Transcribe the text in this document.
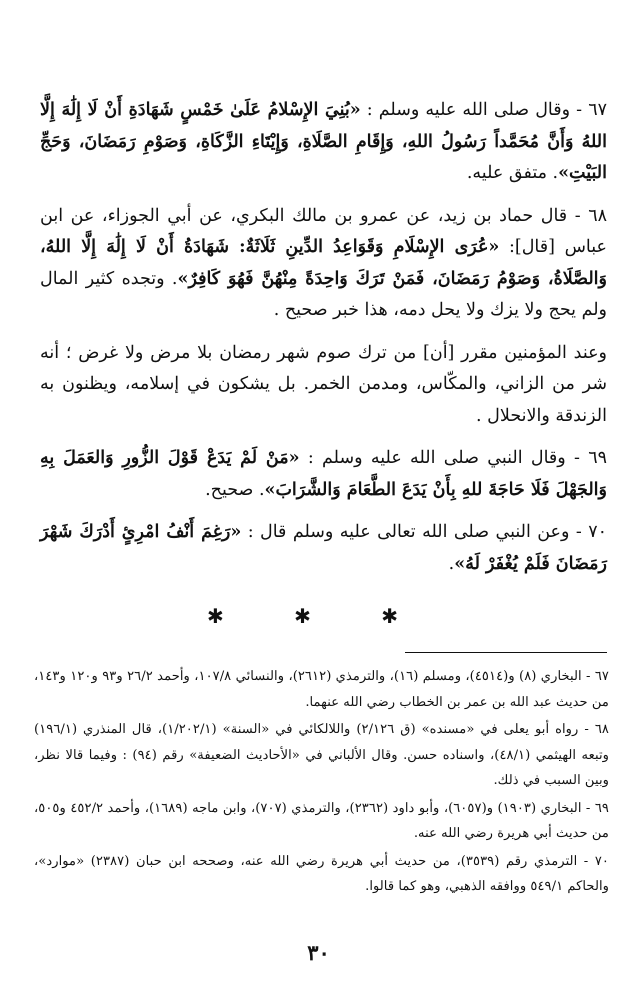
٦٧ - وقال صلى الله عليه وسلم : «بُنِيَ الإِسْلامُ عَلَىٰ خَمْسٍ شَهَادَةِ أَنْ لَا إِلَٰهَ إِلَّا اللهُ وَأَنَّ مُحَمَّداً رَسُولُ اللهِ، وَإِقَامِ الصَّلَاةِ، وَإِيْتَاءِ الزَّكَاةِ، وَصَوْمِ رَمَضَانَ، وَحَجِّ البَيْتِ». متفق عليه.

٦٨ - قال حماد بن زيد، عن عمرو بن مالك البكري، عن أبي الجوزاء، عن ابن عباس [قال]: «عُرَى الإِسْلَامِ وَقَوَاعِدُ الدِّينِ ثَلَاثَةٌ: شَهَادَةُ أَنْ لَا إِلَٰهَ إِلَّا اللهُ، وَالصَّلَاةُ، وَصَوْمُ رَمَضَانَ، فَمَنْ تَرَكَ وَاحِدَةً مِنْهُنَّ فَهُوَ كَافِرٌ». وتجده كثير المال ولم يحج ولا يزك ولا يحل دمه، هذا خبر صحيح .

وعند المؤمنين مقرر [أن] من ترك صوم شهر رمضان بلا مرض ولا غرض ؛ أنه شر من الزاني، والمكّاس، ومدمن الخمر. بل يشكون في إسلامه، ويظنون به الزندقة والانحلال .

٦٩ - وقال النبي صلى الله عليه وسلم : «مَنْ لَمْ يَدَعْ قَوْلَ الزُّورِ وَالعَمَلَ بِهِ وَالجَهْلَ فَلَا حَاجَةَ للهِ بِأَنْ يَدَعَ الطَّعَامَ وَالشَّرَابَ». صحيح.

٧٠ - وعن النبي صلى الله تعالى عليه وسلم قال : «رَغِمَ أَنْفُ امْرِئٍ أَدْرَكَ شَهْرَ رَمَضَانَ فَلَمْ يُغْفَرْ لَهُ».

✱ ✱ ✱

٦٧ - البخاري (٨) و(٤٥١٤)، ومسلم (١٦)، والترمذي (٢٦١٢)، والنسائي ١٠٧/٨، وأحمد ٢٦/٢ و٩٣ و١٢٠ و١٤٣، من حديث عبد الله بن عمر بن الخطاب رضي الله عنهما.

٦٨ - رواه أبو يعلى في «مسنده» (ق ٢/١٢٦) واللالكائي في «السنة» (١/٢٠٢/١)، قال المنذري (١٩٦/١) وتبعه الهيثمي (٤٨/١)، واسناده حسن. وقال الألباني في «الأحاديث الضعيفة» رقم (٩٤) : وفيما قالا نظر، وبين السبب في ذلك.

٦٩ - البخاري (١٩٠٣) و(٦٠٥٧)، وأبو داود (٢٣٦٢)، والترمذي (٧٠٧)، وابن ماجه (١٦٨٩)، وأحمد ٤٥٢/٢ و٥٠٥، من حديث أبي هريرة رضي الله عنه.

٧٠ - الترمذي رقم (٣٥٣٩)، من حديث أبي هريرة رضي الله عنه، وصححه ابن حبان (٢٣٨٧) «موارد»، والحاكم ٥٤٩/١ ووافقه الذهبي، وهو كما قالوا.

٣٠
